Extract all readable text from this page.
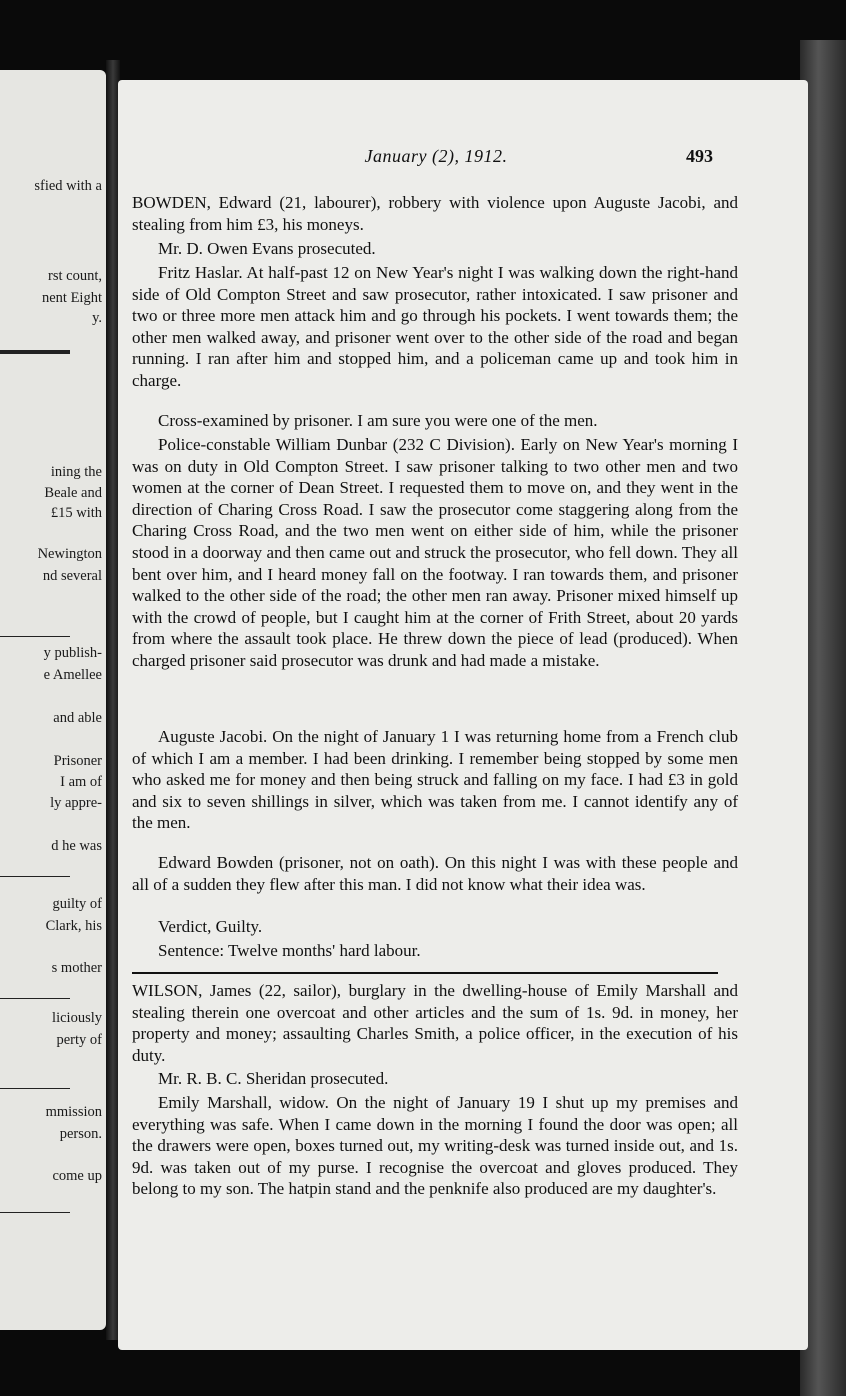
sfied with a
rst count,
nent Eight
y.
ining the
Beale and
£15 with
Newington
nd several
y publish-
e Amellee
and able
Prisoner
I am of
ly appre-
d he was
guilty of
Clark, his
s mother
liciously
perty of
mmission
person.
come up
January (2), 1912.	493

BOWDEN, Edward (21, labourer), robbery with violence upon Auguste Jacobi, and stealing from him £3, his moneys.

Mr. D. Owen Evans prosecuted.

Fritz Haslar. At half-past 12 on New Year's night I was walking down the right-hand side of Old Compton Street and saw prosecutor, rather intoxicated. I saw prisoner and two or three more men attack him and go through his pockets. I went towards them; the other men walked away, and prisoner went over to the other side of the road and began running. I ran after him and stopped him, and a policeman came up and took him in charge.

Cross-examined by prisoner. I am sure you were one of the men.

Police-constable William Dunbar (232 C Division). Early on New Year's morning I was on duty in Old Compton Street. I saw prisoner talking to two other men and two women at the corner of Dean Street. I requested them to move on, and they went in the direction of Charing Cross Road. I saw the prosecutor come staggering along from the Charing Cross Road, and the two men went on either side of him, while the prisoner stood in a doorway and then came out and struck the prosecutor, who fell down. They all bent over him, and I heard money fall on the footway. I ran towards them, and prisoner walked to the other side of the road; the other men ran away. Prisoner mixed himself up with the crowd of people, but I caught him at the corner of Frith Street, about 20 yards from where the assault took place. He threw down the piece of lead (produced). When charged prisoner said prosecutor was drunk and had made a mistake.

Auguste Jacobi. On the night of January 1 I was returning home from a French club of which I am a member. I had been drinking. I remember being stopped by some men who asked me for money and then being struck and falling on my face. I had £3 in gold and six to seven shillings in silver, which was taken from me. I cannot identify any of the men.

Edward Bowden (prisoner, not on oath). On this night I was with these people and all of a sudden they flew after this man. I did not know what their idea was.

Verdict, Guilty.

Sentence: Twelve months' hard labour.

WILSON, James (22, sailor), burglary in the dwelling-house of Emily Marshall and stealing therein one overcoat and other articles and the sum of 1s. 9d. in money, her property and money; assaulting Charles Smith, a police officer, in the execution of his duty.

Mr. R. B. C. Sheridan prosecuted.

Emily Marshall, widow. On the night of January 19 I shut up my premises and everything was safe. When I came down in the morning I found the door was open; all the drawers were open, boxes turned out, my writing-desk was turned inside out, and 1s. 9d. was taken out of my purse. I recognise the overcoat and gloves produced. They belong to my son. The hatpin stand and the penknife also produced are my daughter's.
